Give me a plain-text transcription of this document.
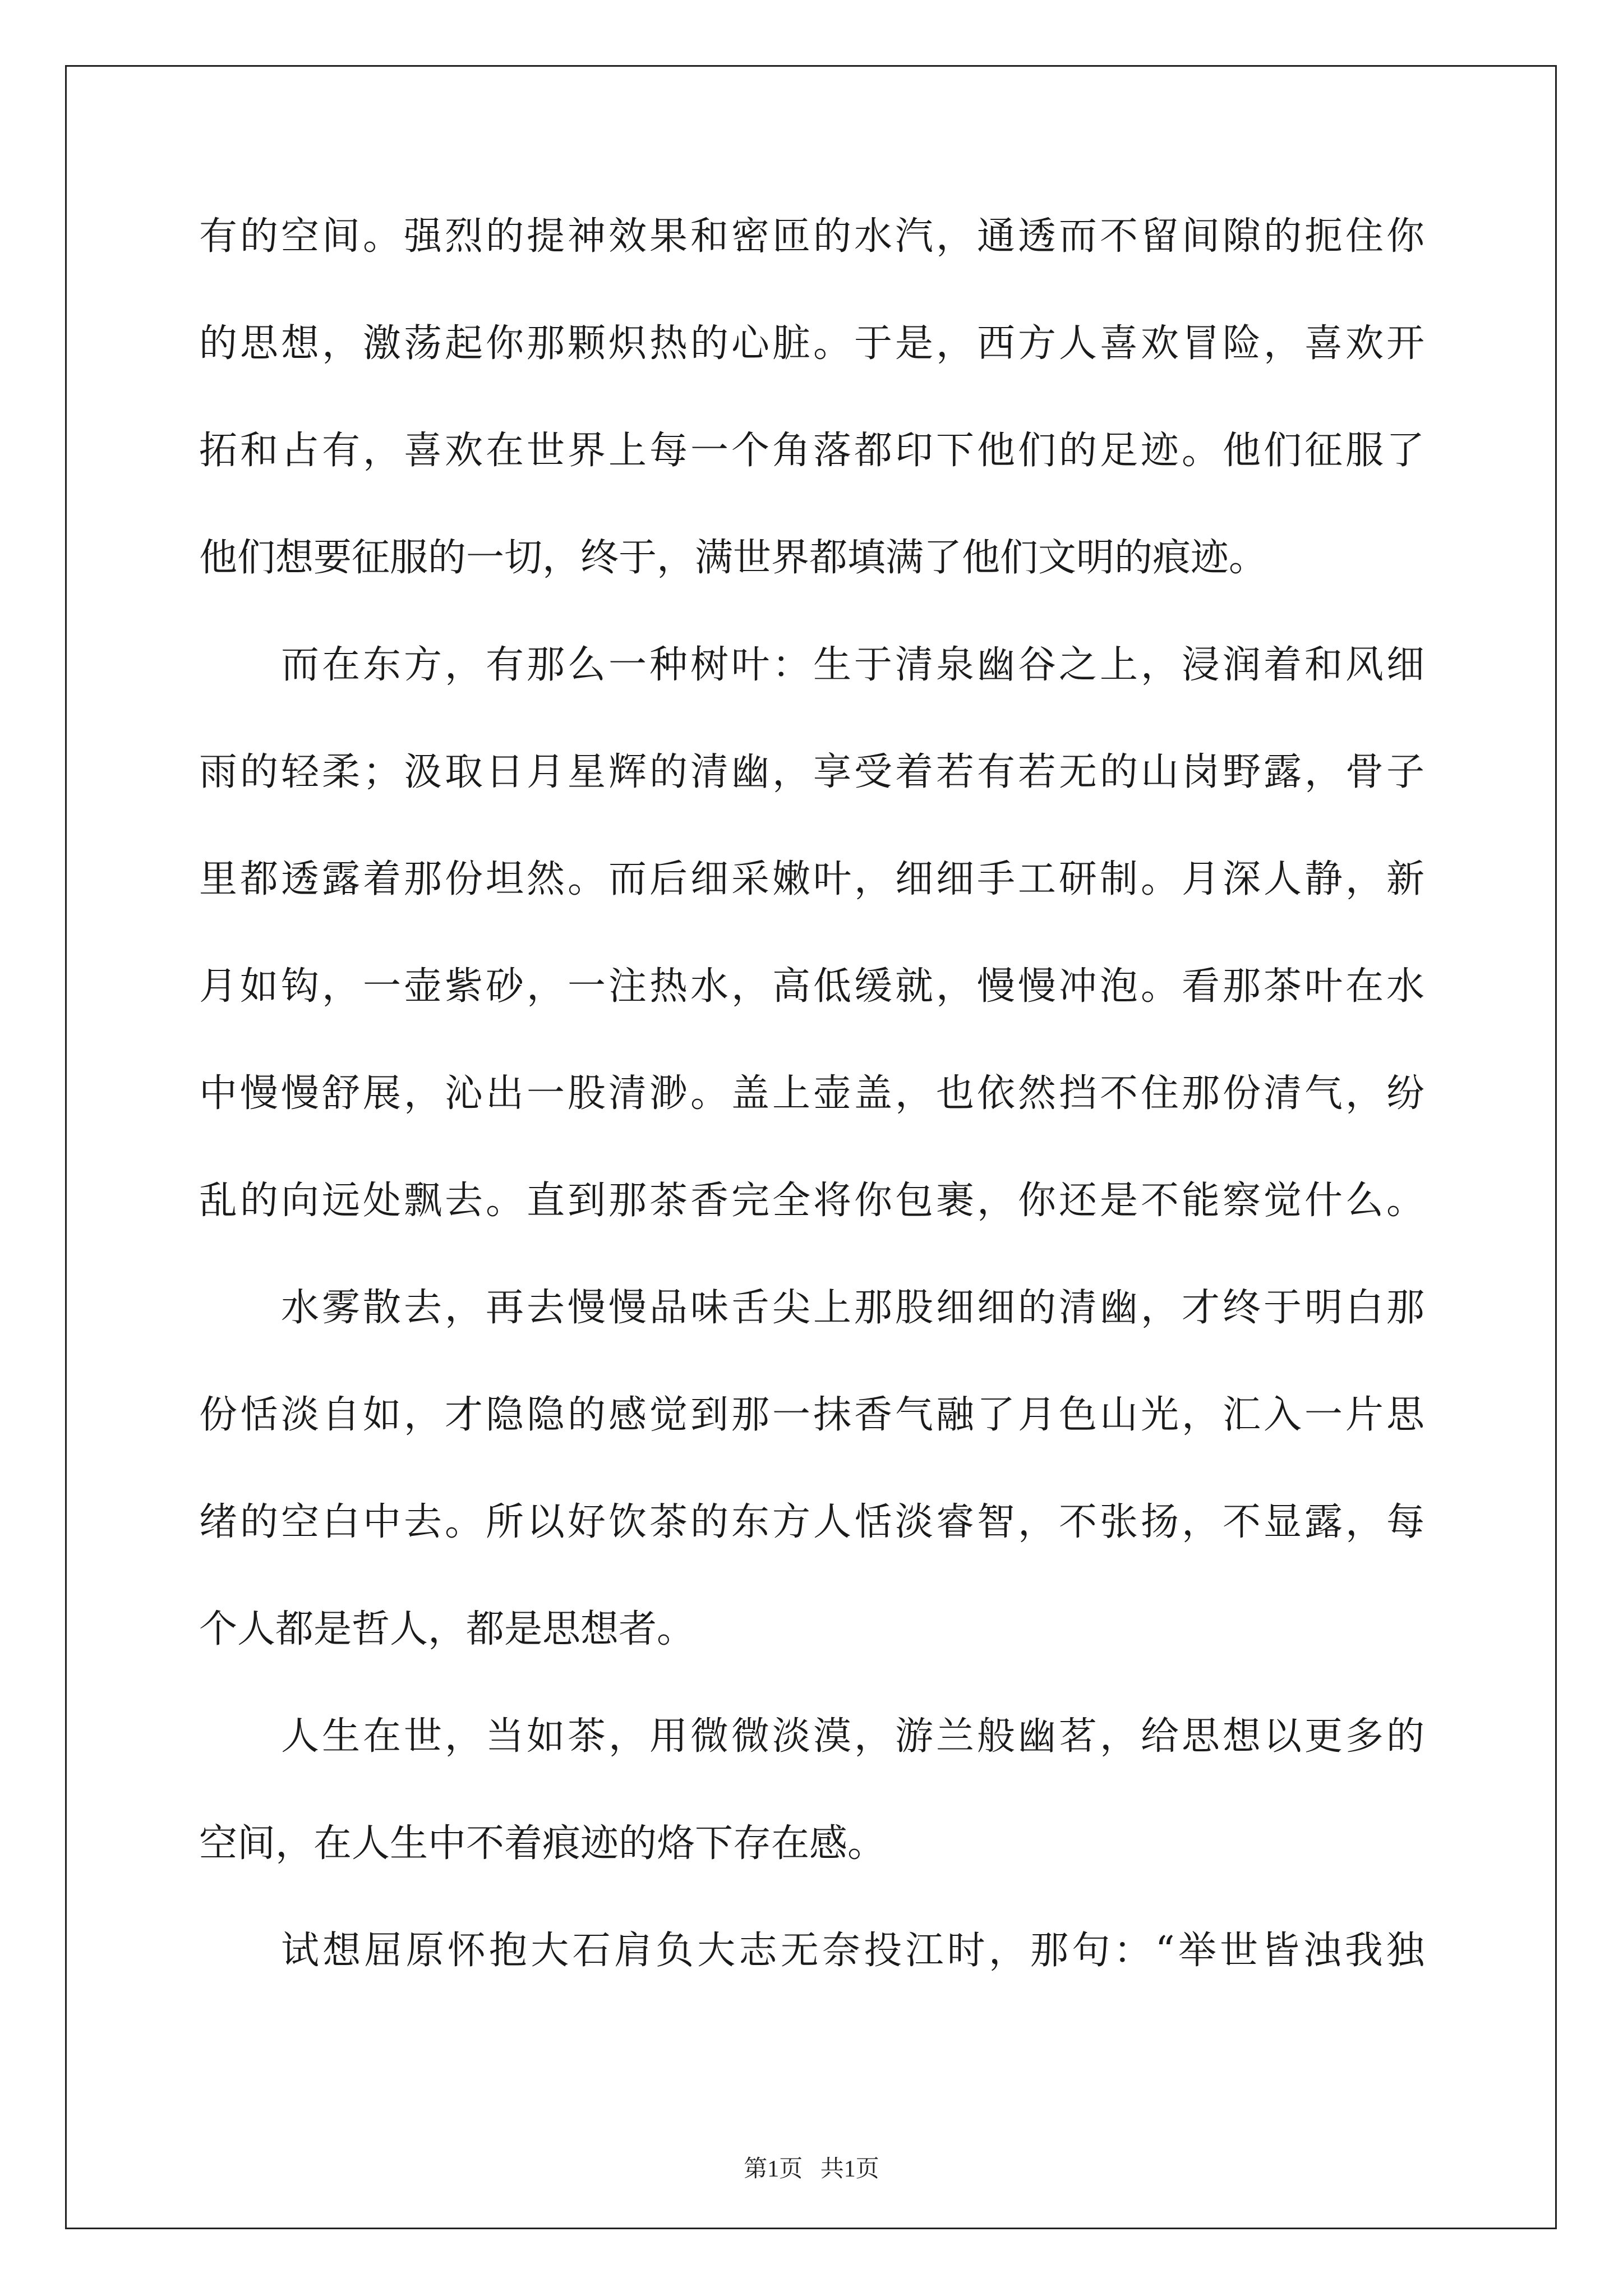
有的空间。强烈的提神效果和密匝的水汽，通透而不留间隙的扼住你
的思想，激荡起你那颗炽热的心脏。于是，西方人喜欢冒险，喜欢开
拓和占有，喜欢在世界上每一个角落都印下他们的足迹。他们征服了
他们想要征服的一切，终于，满世界都填满了他们文明的痕迹。
而在东方，有那么一种树叶：生于清泉幽谷之上，浸润着和风细
雨的轻柔；汲取日月星辉的清幽，享受着若有若无的山岗野露，骨子
里都透露着那份坦然。而后细采嫩叶，细细手工研制。月深人静，新
月如钩，一壶紫砂，一注热水，高低缓就，慢慢冲泡。看那茶叶在水
中慢慢舒展，沁出一股清渺。盖上壶盖，也依然挡不住那份清气，纷
乱的向远处飘去。直到那茶香完全将你包裹，你还是不能察觉什么。
水雾散去，再去慢慢品味舌尖上那股细细的清幽，才终于明白那
份恬淡自如，才隐隐的感觉到那一抹香气融了月色山光，汇入一片思
绪的空白中去。所以好饮茶的东方人恬淡睿智，不张扬，不显露，每
个人都是哲人，都是思想者。
人生在世，当如茶，用微微淡漠，游兰般幽茗，给思想以更多的
空间，在人生中不着痕迹的烙下存在感。
试想屈原怀抱大石肩负大志无奈投江时，那句：“举世皆浊我独
第1页   共1页
